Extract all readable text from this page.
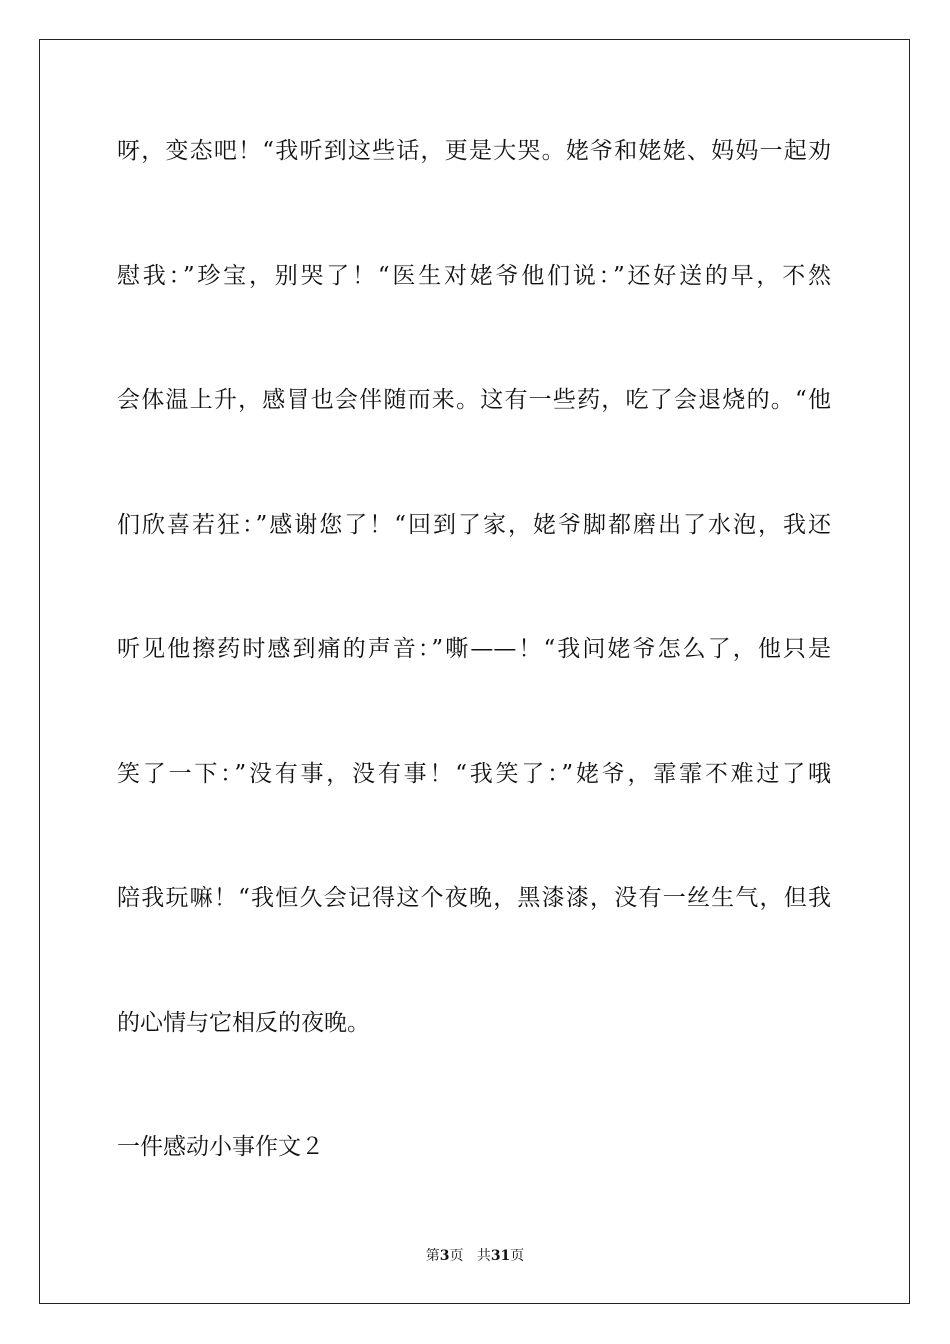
呀，变态吧！“我听到这些话，更是大哭。姥爷和姥姥、妈妈一起劝
慰我：”珍宝，别哭了！“医生对姥爷他们说：”还好送的早，不然
会体温上升，感冒也会伴随而来。这有一些药，吃了会退烧的。“他
们欣喜若狂：”感谢您了！“回到了家，姥爷脚都磨出了水泡，我还
听见他擦药时感到痛的声音：”嘶——！“我问姥爷怎么了，他只是
笑了一下：”没有事，没有事！“我笑了：”姥爷，霏霏不难过了哦
陪我玩嘛！“我恒久会记得这个夜晚，黑漆漆，没有一丝生气，但我
的心情与它相反的夜晚。
一件感动小事作文２
第3页 共31页
